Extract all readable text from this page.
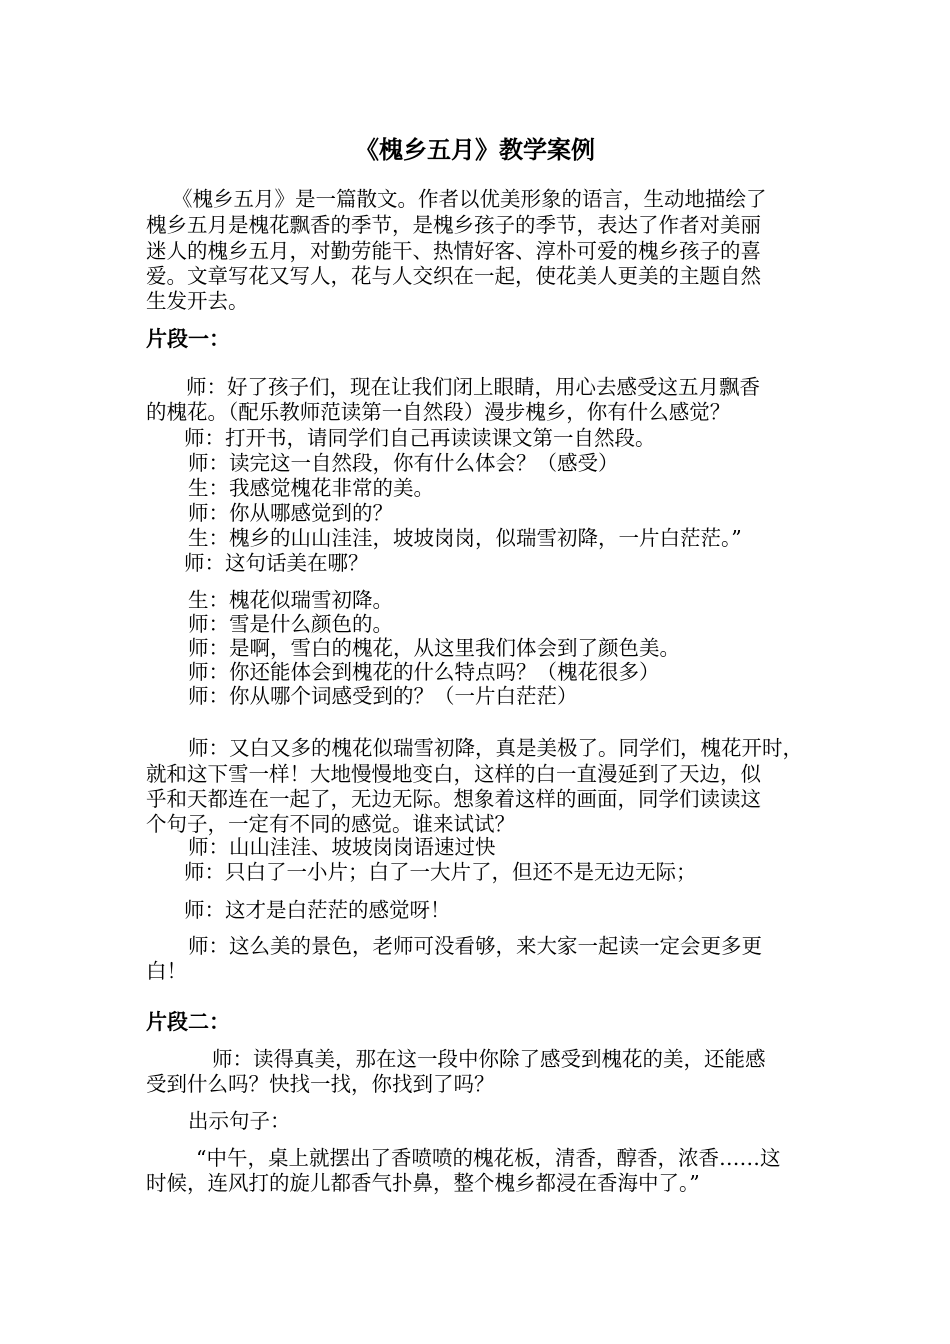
《槐乡五月》教学案例
《槐乡五月》是一篇散文。作者以优美形象的语言，生动地描绘了
槐乡五月是槐花飘香的季节，是槐乡孩子的季节，表达了作者对美丽
迷人的槐乡五月，对勤劳能干、热情好客、淳朴可爱的槐乡孩子的喜
爱。文章写花又写人，花与人交织在一起，使花美人更美的主题自然
生发开去。
片段一：
师：好了孩子们，现在让我们闭上眼睛，用心去感受这五月飘香
的槐花。（配乐教师范读第一自然段）漫步槐乡，你有什么感觉？
师：打开书，请同学们自己再读读课文第一自然段。
师：读完这一自然段，你有什么体会？（感受）
生：我感觉槐花非常的美。
师：你从哪感觉到的？
生：槐乡的山山洼洼，坡坡岗岗，似瑞雪初降，一片白茫茫。”
师：这句话美在哪？
生：槐花似瑞雪初降。
师：雪是什么颜色的。
师：是啊，雪白的槐花，从这里我们体会到了颜色美。
师：你还能体会到槐花的什么特点吗？（槐花很多）
师：你从哪个词感受到的？（一片白茫茫）
师：又白又多的槐花似瑞雪初降，真是美极了。同学们，槐花开时，
就和这下雪一样！大地慢慢地变白，这样的白一直漫延到了天边，似
乎和天都连在一起了，无边无际。想象着这样的画面，同学们读读这
个句子，一定有不同的感觉。谁来试试？
师：山山洼洼、坡坡岗岗语速过快
师：只白了一小片；白了一大片了，但还不是无边无际；
师：这才是白茫茫的感觉呀！
师：这么美的景色，老师可没看够，来大家一起读一定会更多更
白！
片段二：
师：读得真美，那在这一段中你除了感受到槐花的美，还能感
受到什么吗？快找一找，你找到了吗？
出示句子：
“中午，桌上就摆出了香喷喷的槐花板，清香，醇香，浓香……这
时候，连风打的旋儿都香气扑鼻，整个槐乡都浸在香海中了。”
